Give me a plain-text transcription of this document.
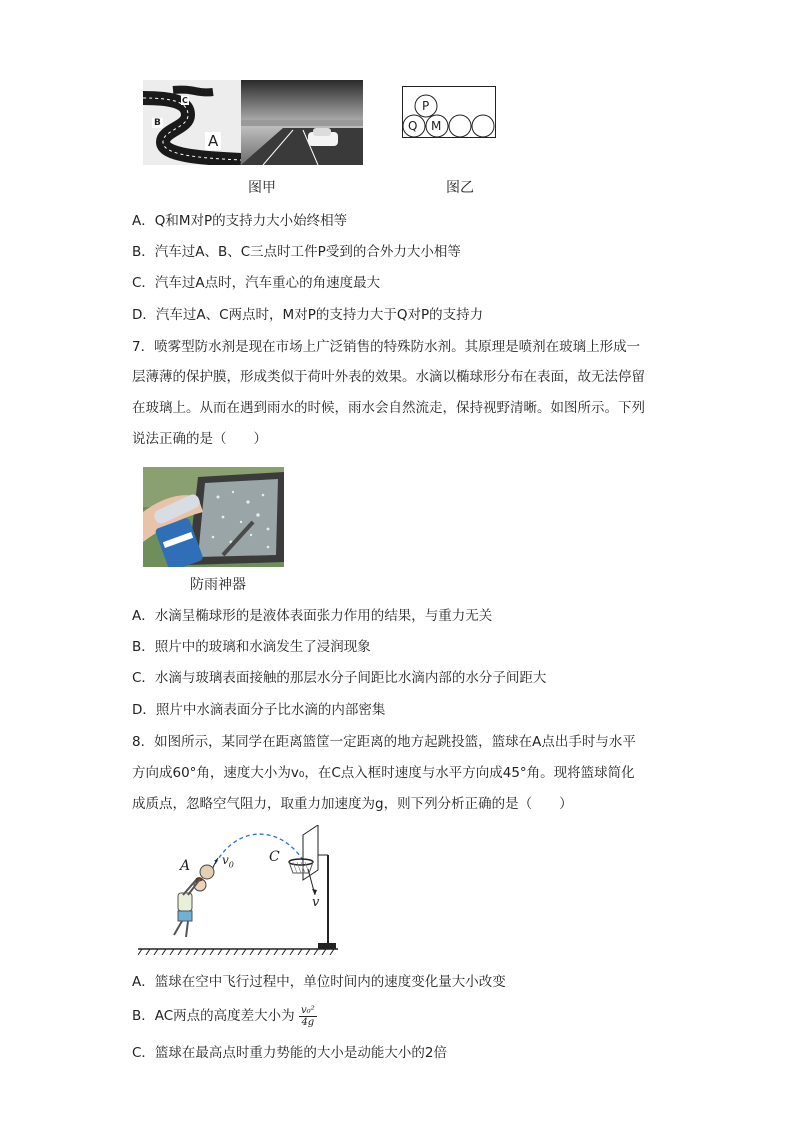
C
B
A
图甲
P
Q M
图乙
A．Q和M对P的支持力大小始终相等
B．汽车过A、B、C三点时工件P受到的合外力大小相等
C．汽车过A点时，汽车重心的角速度最大
D．汽车过A、C两点时，M对P的支持力大于Q对P的支持力
7．喷雾型防水剂是现在市场上广泛销售的特殊防水剂。其原理是喷剂在玻璃上形成一
层薄薄的保护膜，形成类似于荷叶外表的效果。水滴以椭球形分布在表面，故无法停留
在玻璃上。从而在遇到雨水的时候，雨水会自然流走，保持视野清晰。如图所示。下列
说法正确的是（　　）
防雨神器
A．水滴呈椭球形的是液体表面张力作用的结果，与重力无关
B．照片中的玻璃和水滴发生了浸润现象
C．水滴与玻璃表面接触的那层水分子间距比水滴内部的水分子间距大
D．照片中水滴表面分子比水滴的内部密集
8．如图所示，某同学在距离篮筐一定距离的地方起跳投篮，篮球在A点出手时与水平
方向成60°角，速度大小为v₀，在C点入框时速度与水平方向成45°角。现将篮球简化
成质点，忽略空气阻力，取重力加速度为g，则下列分析正确的是（　　）
A	$v_0$	C
v
A．篮球在空中飞行过程中，单位时间内的速度变化量大小改变
B．AC两点的高度差大小为 $\frac{\text{v₀²}}{4g}$
C．篮球在最高点时重力势能的大小是动能大小的2倍
